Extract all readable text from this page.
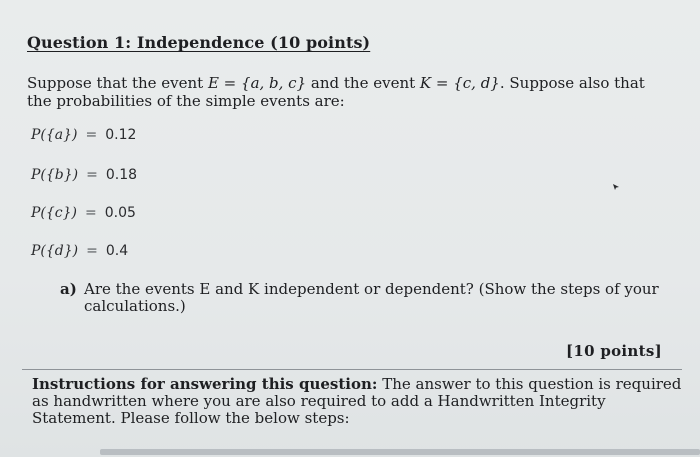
Question 1: Independence (10 points)
Suppose that the event E = {a, b, c} and the event K = {c, d}. Suppose also that the probabilities of the simple events are:
P({a}) = 0.12
P({b}) = 0.18
P({c}) = 0.05
P({d}) = 0.4
a) Are the events E and K independent or dependent? (Show the steps of your calculations.)
[10 points]
Instructions for answering this question: The answer to this question is required as handwritten where you are also required to add a Handwritten Integrity Statement. Please follow the below steps:
